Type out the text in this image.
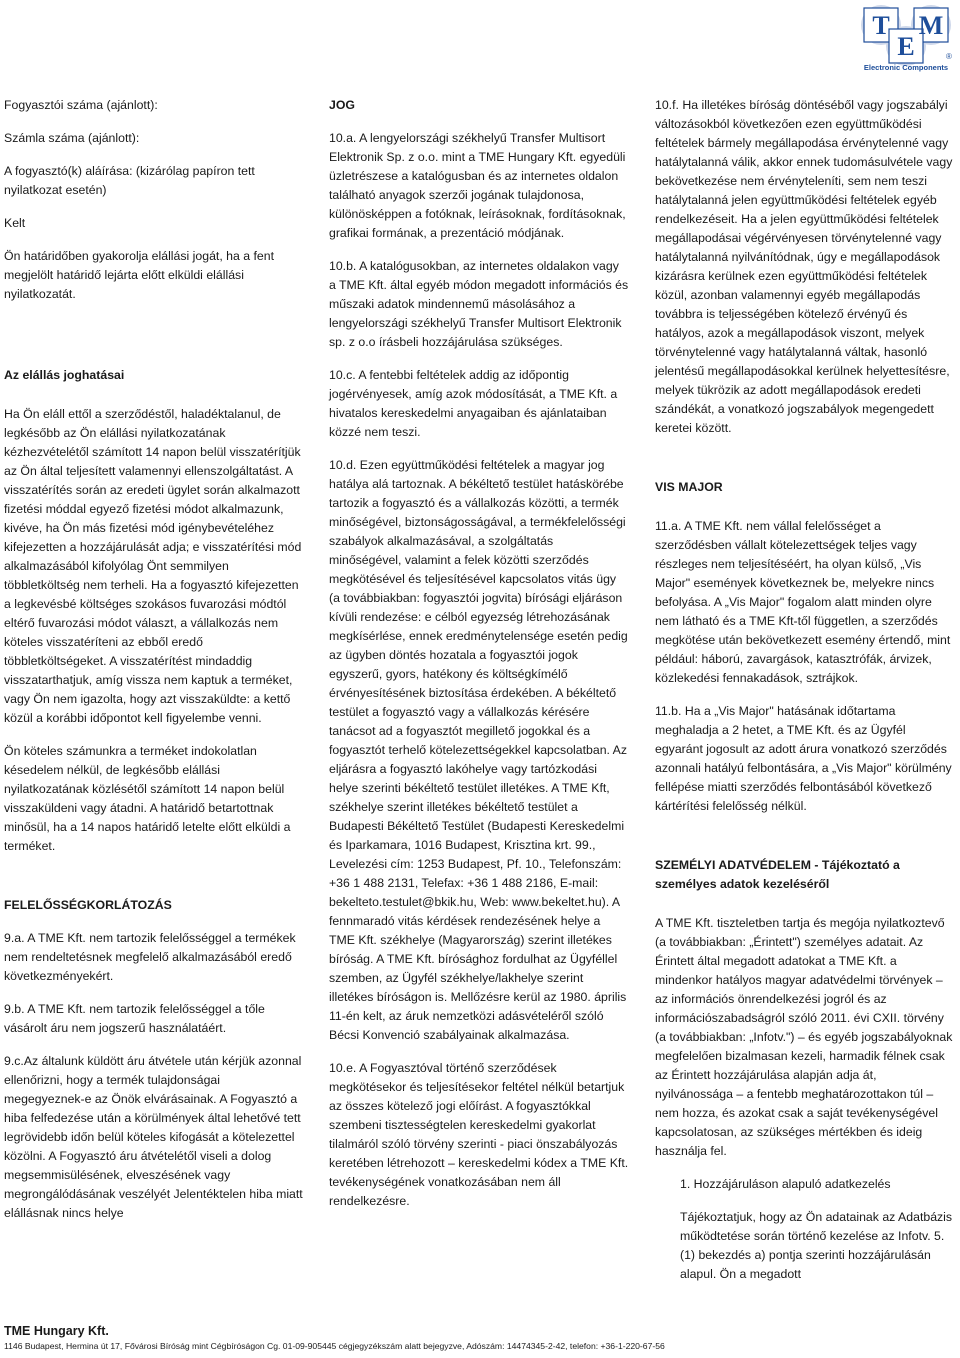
T M
E	®
Electronic Components

Fogyasztói száma (ajánlott):

Számla száma (ajánlott):

A fogyasztó(k) aláírása: (kizárólag papíron tett nyilatkozat esetén)

Kelt

Ön határidőben gyakorolja elállási jogát, ha a fent megjelölt határidő lejárta előtt elküldi elállási nyilatkozatát.

Az elállás joghatásai

Ha Ön eláll ettől a szerződéstől, haladéktalanul, de legkésőbb az Ön elállási nyilatkozatának kézhezvételétől számított 14 napon belül visszatérítjük az Ön által teljesített valamennyi ellenszolgáltatást. A visszatérítés során az eredeti ügylet során alkalmazott fizetési móddal egyező fizetési módot alkalmazunk, kivéve, ha Ön más fizetési mód igénybevételéhez kifejezetten a hozzájárulását adja; e visszatérítési mód alkalmazásából kifolyólag Önt semmilyen többletköltség nem terheli. Ha a fogyasztó kifejezetten a legkevésbé költséges szokásos fuvarozási módtól eltérő fuvarozási módot választ, a vállalkozás nem köteles visszatéríteni az ebből eredő többletköltségeket. A visszatérítést mindaddig visszatarthatjuk, amíg vissza nem kaptuk a terméket, vagy Ön nem igazolta, hogy azt visszaküldte: a kettő közül a korábbi időpontot kell figyelembe venni.

Ön köteles számunkra a terméket indokolatlan késedelem nélkül, de legkésőbb elállási nyilatkozatának közlésétől számított 14 napon belül visszaküldeni vagy átadni. A határidő betartottnak minősül, ha a 14 napos határidő letelte előtt elküldi a terméket.

FELELŐSSÉGKORLÁTOZÁS

9.a. A TME Kft. nem tartozik felelősséggel a termékek nem rendeltetésnek megfelelő alkalmazásából eredő következményekért.

9.b. A TME Kft. nem tartozik felelősséggel a tőle vásárolt áru nem jogszerű használatáért.

9.c.Az általunk küldött áru átvétele után kérjük azonnal ellenőrizni, hogy a termék tulajdonságai megegyeznek-e az Önök elvárásainak. A Fogyasztó a hiba felfedezése után a körülmények által lehetővé tett legrövidebb időn belül köteles kifogását a kötelezettel közölni. A Fogyasztó áru átvételétől viseli a dolog megsemmisülésének, elveszésének vagy megrongálódásának veszélyét Jelentéktelen hiba miatt elállásnak nincs helye

JOG

10.a. A lengyelországi székhelyű Transfer Multisort Elektronik Sp. z o.o. mint a TME Hungary Kft. egyedüli üzletrészese a katalógusban és az internetes oldalon található anyagok szerzői jogának tulajdonosa, különösképpen a fotóknak, leírásoknak, fordításoknak, grafikai formának, a prezentáció módjának.

10.b. A katalógusokban, az internetes oldalakon vagy a TME Kft. által egyéb módon megadott információs és műszaki adatok mindennemű másolásához a lengyelországi székhelyű Transfer Multisort Elektronik sp. z o.o írásbeli hozzájárulása szükséges.

10.c. A fentebbi feltételek addig az időpontig jogérvényesek, amíg azok módosítását, a TME Kft. a hivatalos kereskedelmi anyagaiban és ajánlataiban közzé nem teszi.

10.d. Ezen együttműködési feltételek a magyar jog hatálya alá tartoznak. A békéltető testület hatáskörébe tartozik a fogyasztó és a vállalkozás közötti, a termék minőségével, biztonságosságával, a termékfelelősségi szabályok alkalmazásával, a szolgáltatás minőségével, valamint a felek közötti szerződés megkötésével és teljesítésével kapcsolatos vitás ügy (a továbbiakban: fogyasztói jogvita) bírósági eljáráson kívüli rendezése: e célból egyezség létrehozásának megkísérlése, ennek eredménytelensége esetén pedig az ügyben döntés hozatala a fogyasztói jogok egyszerű, gyors, hatékony és költségkímélő érvényesítésének biztosítása érdekében. A békéltető testület a fogyasztó vagy a vállalkozás kérésére tanácsot ad a fogyasztót megillető jogokkal és a fogyasztót terhelő kötelezettségekkel kapcsolatban. Az eljárásra a fogyasztó lakóhelye vagy tartózkodási helye szerinti békéltető testület illetékes. A TME Kft, székhelye szerint illetékes békéltető testület a Budapesti Békéltető Testület (Budapesti Kereskedelmi és Iparkamara, 1016 Budapest, Krisztina krt. 99., Levelezési cím: 1253 Budapest, Pf. 10., Telefonszám: +36 1 488 2131, Telefax: +36 1 488 2186, E-mail: bekelteto.testulet@bkik.hu, Web: www.bekeltet.hu). A fennmaradó vitás kérdések rendezésének helye a TME Kft. székhelye (Magyarország) szerint illetékes bíróság. A TME Kft. bírósághoz fordulhat az Ügyféllel szemben, az Ügyfél székhelye/lakhelye szerint illetékes bíróságon is. Mellőzésre kerül az 1980. április 11-én kelt, az áruk nemzetközi adásvételéről szóló Bécsi Konvenció szabályainak alkalmazása.

10.e. A Fogyasztóval történő szerződések megkötésekor és teljesítésekor feltétel nélkül betartjuk az összes kötelező jogi előírást. A fogyasztókkal szembeni tisztességtelen kereskedelmi gyakorlat tilalmáról szóló törvény szerinti - piaci önszabályozás keretében létrehozott – kereskedelmi kódex a TME Kft. tevékenységének vonatkozásában nem áll rendelkezésre.

10.f. Ha illetékes bíróság döntéséből vagy jogszabályi változásokból következően ezen együttműködési feltételek bármely megállapodása érvénytelenné vagy hatálytalanná válik, akkor ennek tudomásulvétele vagy bekövetkezése nem érvényteleníti, sem nem teszi hatálytalanná jelen együttműködési feltételek egyéb rendelkezéseit. Ha a jelen együttműködési feltételek megállapodásai végérvényesen törvénytelenné vagy hatálytalanná nyilvánítódnak, úgy e megállapodások kizárásra kerülnek ezen együttműködési feltételek közül, azonban valamennyi egyéb megállapodás továbbra is teljességében kötelező érvényű és hatályos, azok a megállapodások viszont, melyek törvénytelenné vagy hatálytalanná váltak, hasonló jelentésű megállapodásokkal kerülnek helyettesítésre, melyek tükrözik az adott megállapodások eredeti szándékát, a vonatkozó jogszabályok megengedett keretei között.

VIS MAJOR

11.a. A TME Kft. nem vállal felelősséget a szerződésben vállalt kötelezettségek teljes vagy részleges nem teljesítéséért, ha olyan külső, „Vis Major" események következnek be, melyekre nincs befolyása. A „Vis Major" fogalom alatt minden olyre nem látható és a TME Kft-től független, a szerződés megkötése után bekövetkezett esemény értendő, mint például: háború, zavargások, katasztrófák, árvizek, közlekedési fennakadások, sztrájkok.

11.b. Ha a „Vis Major" hatásának időtartama meghaladja a 2 hetet, a TME Kft. és az Ügyfél egyaránt jogosult az adott árura vonatkozó szerződés azonnali hatályú felbontására, a „Vis Major" körülmény fellépése miatti szerződés felbontásából következő kártérítési felelősség nélkül.

SZEMÉLYI ADATVÉDELEM - Tájékoztató a személyes adatok kezeléséről

A TME Kft. tiszteletben tartja és megója nyilatkoztevő (a továbbiakban: „Érintett") személyes adatait. Az Érintett által megadott adatokat a TME Kft. a mindenkor hatályos magyar adatvédelmi törvények – az információs önrendelkezési jogról és az információszabadságról szóló 2011. évi CXII. törvény (a továbbiakban: „Infotv.") – és egyéb jogszabályoknak megfelelően bizalmasan kezeli, harmadik félnek csak az Érintett hozzájárulása alapján adja át, nyilvánossága – a fentebb meghatározottakon túl – nem hozza, és azokat csak a saját tevékenységével kapcsolatosan, az szükséges mértékben és ideig használja fel.

1. Hozzájáruláson alapuló adatkezelés

Tájékoztatjuk, hogy az Ön adatainak az Adatbázis működtetése során történő kezelése az Infotv. 5. (1) bekezdés a) pontja szerinti hozzájárulásán alapul. Ön a megadott

TME Hungary Kft.
1146 Budapest, Hermina út 17, Fővárosi Bíróság mint Cégbíróságon Cg. 01-09-905445 cégjegyzékszám alatt bejegyzve, Adószám: 14474345-2-42, telefon: +36-1-220-67-56
